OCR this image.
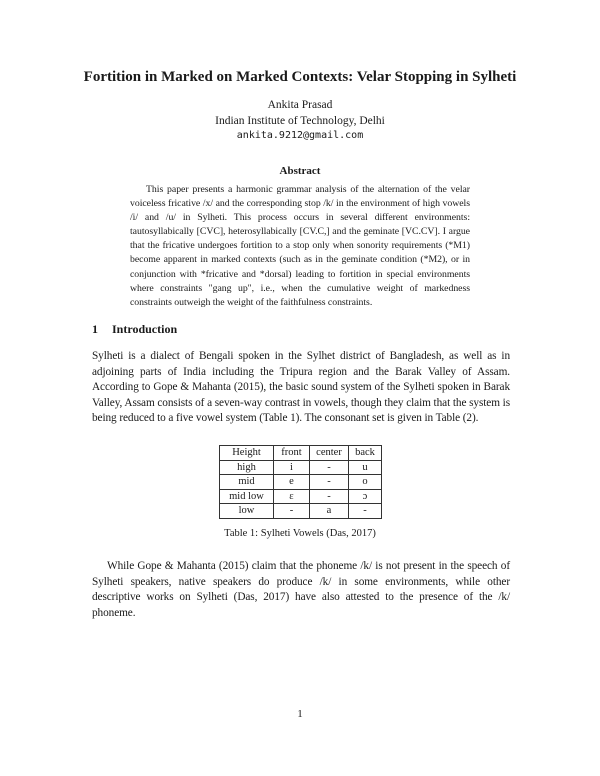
Fortition in Marked on Marked Contexts: Velar Stopping in Sylheti
Ankita Prasad
Indian Institute of Technology, Delhi
ankita.9212@gmail.com
Abstract

This paper presents a harmonic grammar analysis of the alternation of the velar voiceless fricative /x/ and the corresponding stop /k/ in the environment of high vowels /i/ and /u/ in Sylheti. This process occurs in several different environments: tautosyllabically [CVC], heterosyllabically [CV.C,] and the geminate [VC.CV]. I argue that the fricative undergoes fortition to a stop only when sonority requirements (*M1) become apparent in marked contexts (such as in the geminate condition (*M2), or in conjunction with *fricative and *dorsal) leading to fortition in special environments where constraints "gang up", i.e., when the cumulative weight of markedness constraints outweigh the weight of the faithfulness constraints.

1 Introduction

Sylheti is a dialect of Bengali spoken in the Sylhet district of Bangladesh, as well as in adjoining parts of India including the Tripura region and the Barak Valley of Assam. According to Gope & Mahanta (2015), the basic sound system of the Sylheti spoken in Barak Valley, Assam consists of a seven-way contrast in vowels, though they claim that the system is being reduced to a five vowel system (Table 1). The consonant set is given in Table (2).

Height	front	center	back
high	i	-	u
mid	e	-	o
mid low	ɛ	-	ɔ
low	-	a	-

Table 1: Sylheti Vowels (Das, 2017)

While Gope & Mahanta (2015) claim that the phoneme /k/ is not present in the speech of Sylheti speakers, native speakers do produce /k/ in some environments, while other descriptive works on Sylheti (Das, 2017) have also attested to the presence of the /k/ phoneme.

1
